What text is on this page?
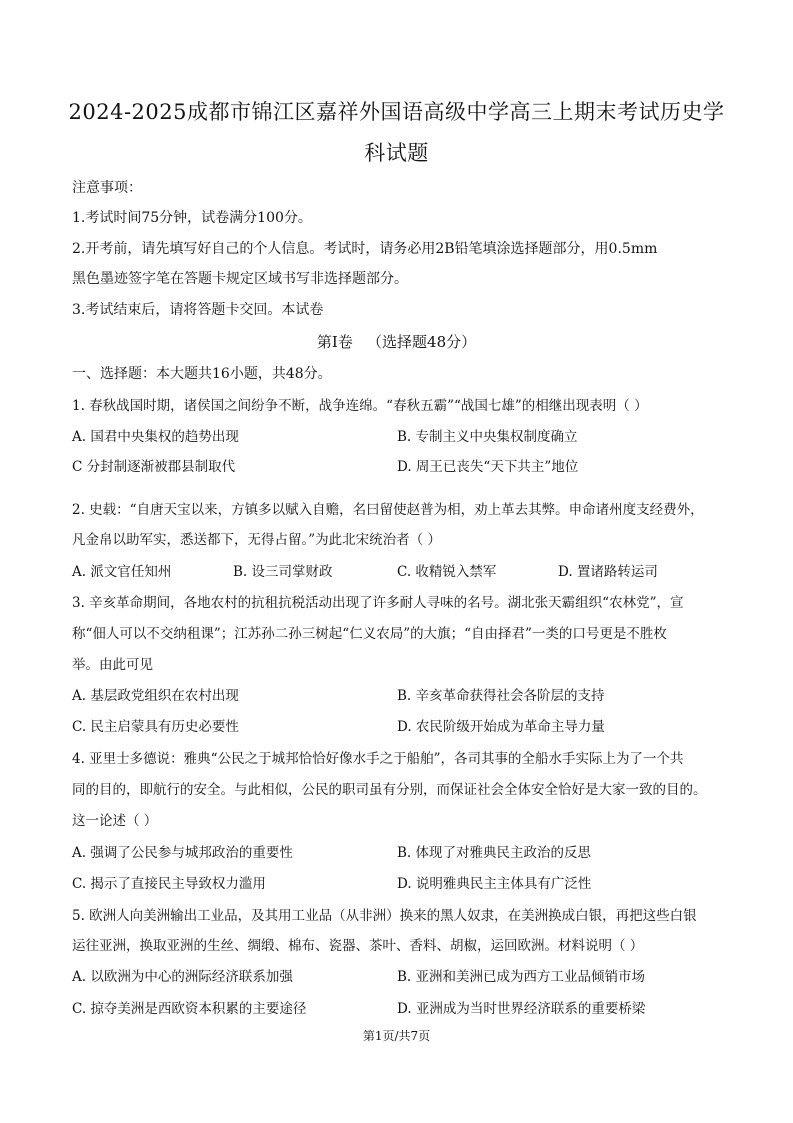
2024-2025成都市锦江区嘉祥外国语高级中学高三上期末考试历史学
科试题
注意事项：
1.考试时间75分钟，试卷满分100分。
2.开考前，请先填写好自己的个人信息。考试时，请务必用2B铅笔填涂选择题部分，用0.5mm
黑色墨迹签字笔在答题卡规定区域书写非选择题部分。
3.考试结束后，请将答题卡交回。本试卷
第Ⅰ卷   （选择题48分）
一、选择题：本大题共16小题，共48分。
1. 春秋战国时期，诸侯国之间纷争不断，战争连绵。“春秋五霸”“战国七雄”的相继出现表明（ ）
A. 国君中央集权的趋势出现	B. 专制主义中央集权制度确立
C 分封制逐渐被郡县制取代	D. 周王已丧失“天下共主”地位
2. 史载：“自唐天宝以来，方镇多以赋入自赡，名曰留使赵普为相，劝上革去其弊。申命诸州度支经费外，
凡金帛以助军实，悉送都下，无得占留。”为此北宋统治者（ ）
A. 派文官任知州	B. 设三司掌财政	C. 收精锐入禁军	D. 置诸路转运司
3. 辛亥革命期间，各地农村的抗租抗税活动出现了许多耐人寻味的名号。湖北张天霸组织“农林党”，宣
称“佃人可以不交纳租课”；江苏孙二孙三树起“仁义农局”的大旗；“自由择君”一类的口号更是不胜枚
举。由此可见
A. 基层政党组织在农村出现	B. 辛亥革命获得社会各阶层的支持
C. 民主启蒙具有历史必要性	D. 农民阶级开始成为革命主导力量
4. 亚里士多德说：雅典“公民之于城邦恰恰好像水手之于船舶”，各司其事的全船水手实际上为了一个共
同的目的，即航行的安全。与此相似，公民的职司虽有分别，而保证社会全体安全恰好是大家一致的目的。
这一论述（ ）
A. 强调了公民参与城邦政治的重要性	B. 体现了对雅典民主政治的反思
C. 揭示了直接民主导致权力滥用	D. 说明雅典民主主体具有广泛性
5. 欧洲人向美洲输出工业品，及其用工业品（从非洲）换来的黑人奴隶，在美洲换成白银，再把这些白银
运往亚洲，换取亚洲的生丝、绸缎、棉布、瓷器、茶叶、香料、胡椒，运回欧洲。材料说明（ ）
A. 以欧洲为中心的洲际经济联系加强	B. 亚洲和美洲已成为西方工业品倾销市场
C. 掠夺美洲是西欧资本积累的主要途径	D. 亚洲成为当时世界经济联系的重要桥梁
第1页/共7页
